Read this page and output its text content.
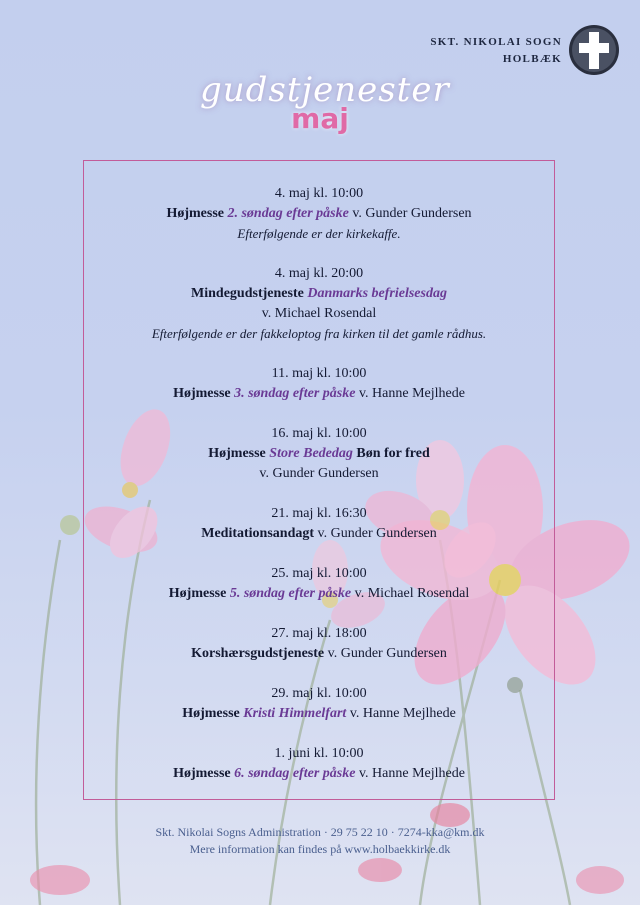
SKT. NIKOLAI SOGN
HOLBÆK
gudstjenester
maj

4. maj kl. 10:00

Højmesse 2. søndag efter påske v. Gunder Gundersen

Efterfølgende er der kirkekaffe.

4. maj kl. 20:00

Mindegudstjeneste Danmarks befrielsesdag

v. Michael Rosendal

Efterfølgende er der fakkeloptog fra kirken til det gamle rådhus.

11. maj kl. 10:00

Højmesse 3. søndag efter påske v. Hanne Mejlhede

16. maj kl. 10:00

Højmesse Store Bededag Bøn for fred

v. Gunder Gundersen

21. maj kl. 16:30

Meditationsandagt v. Gunder Gundersen

25. maj kl. 10:00

Højmesse 5. søndag efter påske v. Michael Rosendal

27. maj kl. 18:00

Korshærsgudstjeneste v. Gunder Gundersen

29. maj kl. 10:00

Højmesse Kristi Himmelfart v. Hanne Mejlhede

1. juni kl. 10:00

Højmesse 6. søndag efter påske v. Hanne Mejlhede

Skt. Nikolai Sogns Administration · 29 75 22 10 · 7274-kka@km.dk
Mere information kan findes på www.holbaekkirke.dk
